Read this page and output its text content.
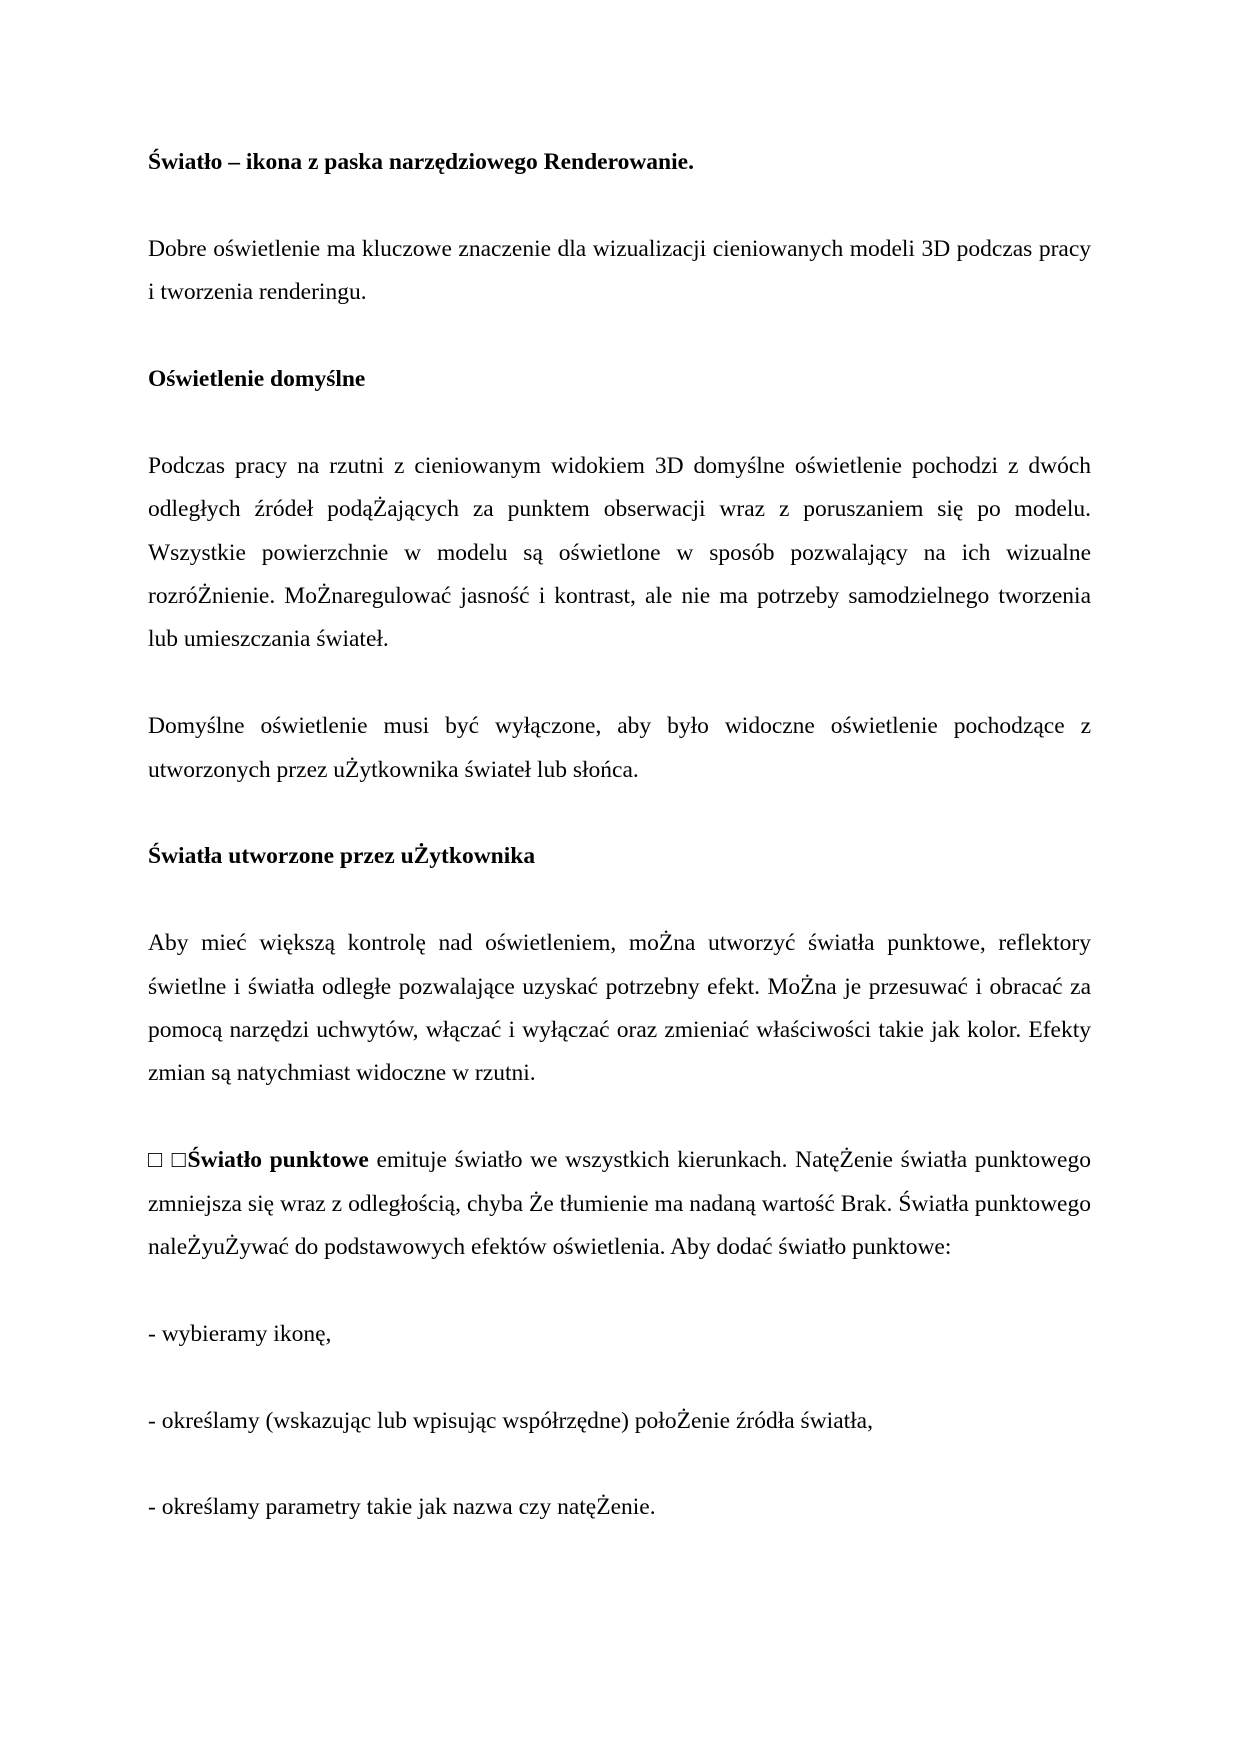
Światło – ikona z paska narzędziowego Renderowanie.

Dobre oświetlenie ma kluczowe znaczenie dla wizualizacji cieniowanych modeli 3D podczas pracy i tworzenia renderingu.

Oświetlenie domyślne

Podczas pracy na rzutni z cieniowanym widokiem 3D domyślne oświetlenie pochodzi z dwóch odległych źródeł podąŻających za punktem obserwacji wraz z poruszaniem się po modelu. Wszystkie powierzchnie w modelu są oświetlone w sposób pozwalający na ich wizualne rozróŻnienie. MoŻnaregulować jasność i kontrast, ale nie ma potrzeby samodzielnego tworzenia lub umieszczania świateł.

Domyślne oświetlenie musi być wyłączone, aby było widoczne oświetlenie pochodzące z utworzonych przez uŻytkownika świateł lub słońca.

Światła utworzone przez uŻytkownika

Aby mieć większą kontrolę nad oświetleniem, moŻna utworzyć światła punktowe, reflektory świetlne i światła odległe pozwalające uzyskać potrzebny efekt. MoŻna je przesuwać i obracać za pomocą narzędzi uchwytów, włączać i wyłączać oraz zmieniać właściwości takie jak kolor. Efekty zmian są natychmiast widoczne w rzutni.

□ □Światło punktowe emituje światło we wszystkich kierunkach. NatęŻenie światła punktowego zmniejsza się wraz z odległością, chyba Że tłumienie ma nadaną wartość Brak. Światła punktowego naleŻyuŻywać do podstawowych efektów oświetlenia. Aby dodać światło punktowe:

- wybieramy ikonę,

- określamy (wskazując lub wpisując współrzędne) połoŻenie źródła światła,

- określamy parametry takie jak nazwa czy natęŻenie.
